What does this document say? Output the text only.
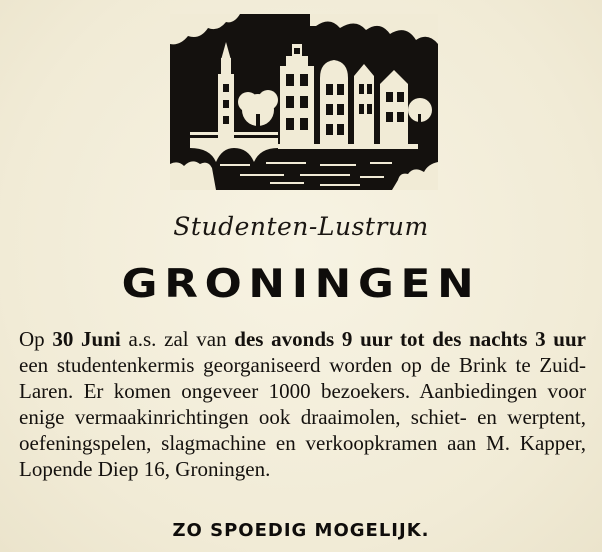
Studenten-Lustrum
GRONINGEN
Op 30 Juni a.s. zal van des avonds 9 uur tot des nachts 3 uur een studentenkermis georganiseerd worden op de Brink te Zuid-Laren. Er komen ongeveer 1000 bezoekers. Aanbiedingen voor enige vermaakinrichtingen ook draaimolen, schiet- en werptent, oefeningspelen, slagmachine en verkoopkramen aan M. Kapper, Lopende Diep 16, Groningen.
ZO SPOEDIG MOGELIJK.
